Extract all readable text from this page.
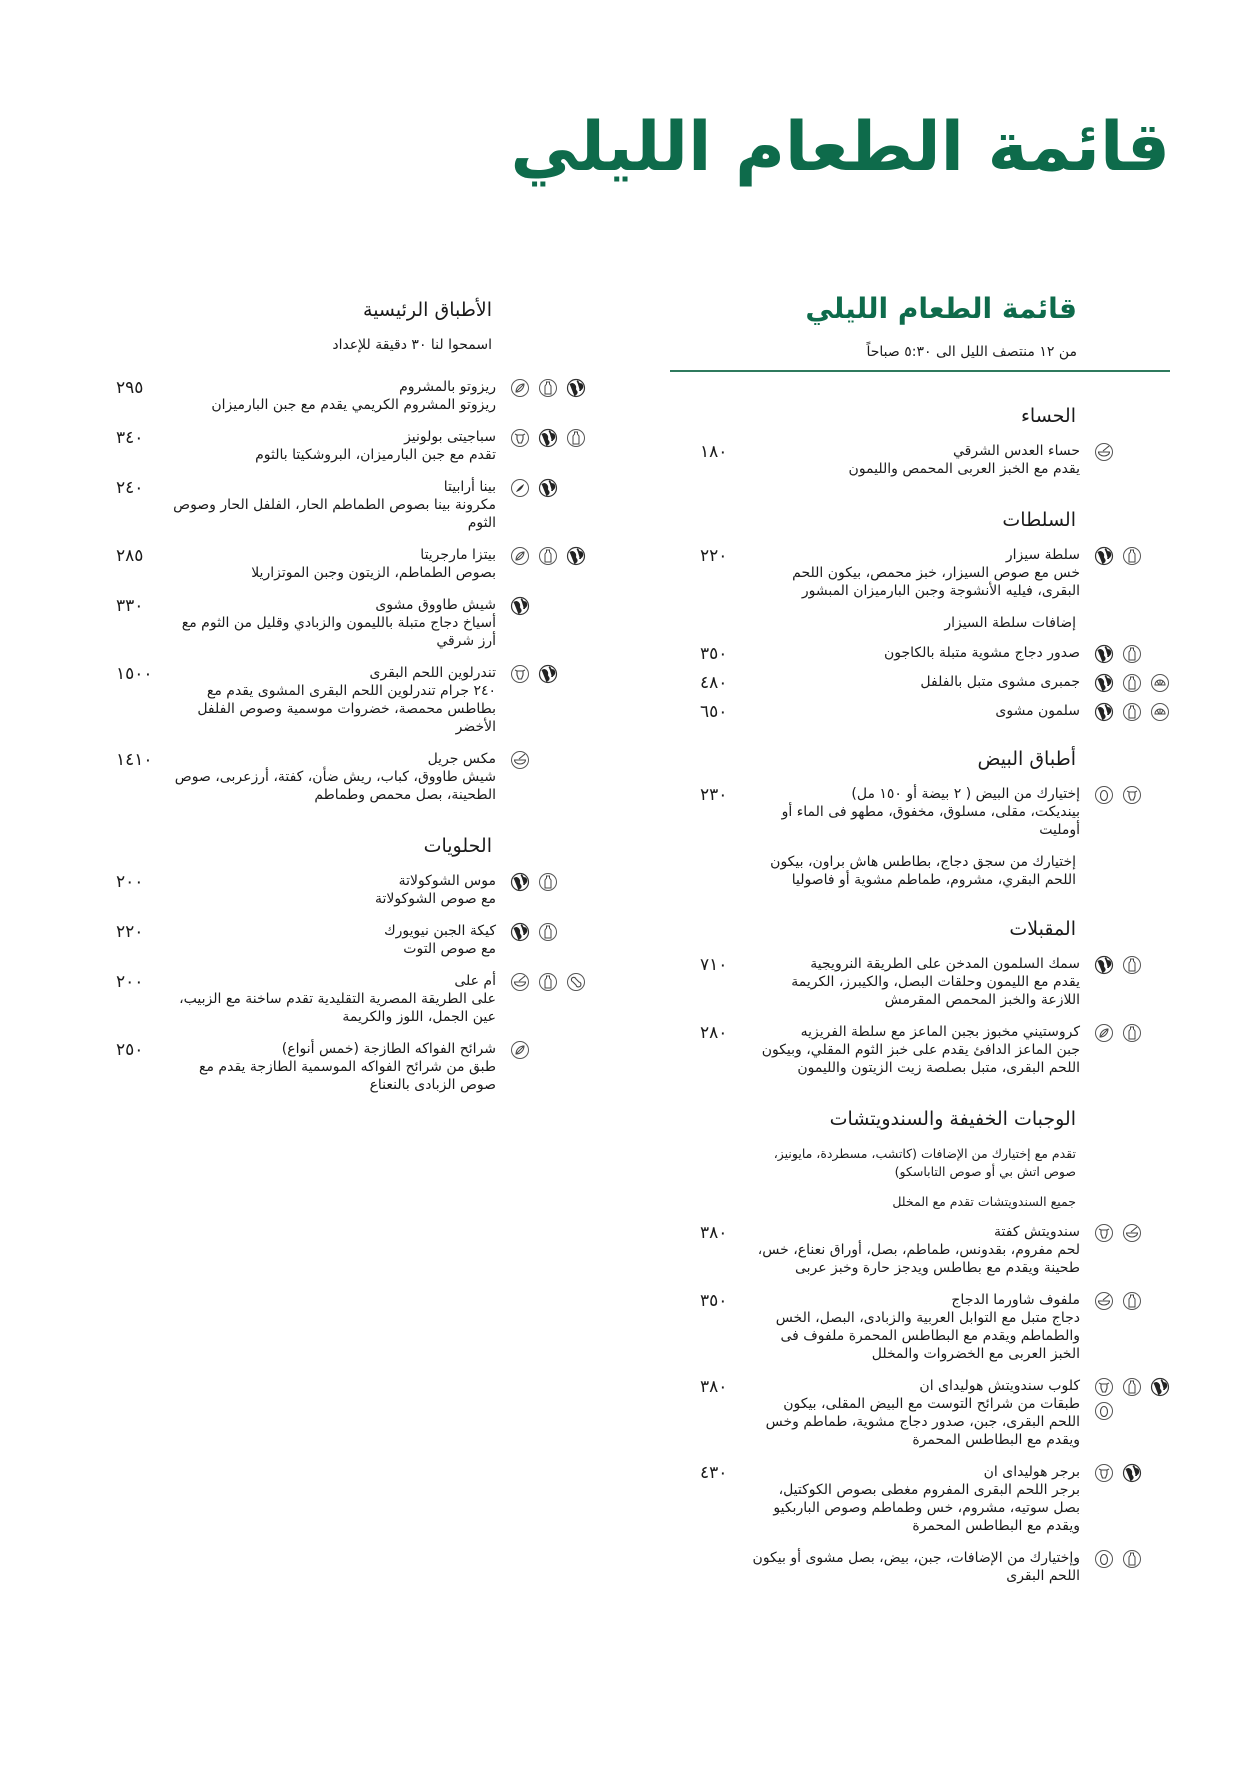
قائمة الطعام الليلي
قائمة الطعام الليلي
من ١٢ منتصف الليل الى ٥:٣٠ صباحاً
الحساء
١٨٠	حساء العدس الشرقي
يقدم مع الخبز العربى المحمص والليمون
السلطات
٢٢٠	سلطة سيزار
خس مع صوص السيزار، خبز محمص، بيكون اللحم البقرى، فيليه الأنشوجة وجبن البارميزان المبشور
إضافات سلطة السيزار
٣٥٠	صدور دجاج مشوية متبلة بالكاجون
٤٨٠	جمبرى مشوى متبل بالفلفل
٦٥٠	سلمون مشوى
أطباق البيض
٢٣٠	إختيارك من البيض ( ٢ بيضة أو ١٥٠ مل)
بينديكت، مقلى، مسلوق، مخفوق، مطهو فى الماء أو أومليت
إختيارك من سجق دجاج، بطاطس هاش براون، بيكون اللحم البقري، مشروم، طماطم مشوية أو فاصوليا
المقبلات
٧١٠	سمك السلمون المدخن على الطريقة النرويجية
يقدم مع الليمون وحلقات البصل، والكيبرز، الكريمة اللازعة والخبز المحمص المقرمش
٢٨٠	كروستيني مخبوز بجبن الماعز مع سلطة الفريزيه
جبن الماعز الدافئ يقدم على خبز الثوم المقلي، وبيكون اللحم البقرى، متبل بصلصة زيت الزيتون والليمون
الوجبات الخفيفة والسندويتشات
تقدم مع إختيارك من الإضافات (كاتشب، مسطردة، مايونيز، صوص اتش بي أو صوص التاباسكو)
جميع السندويتشات تقدم مع المخلل
٣٨٠	سندويتش كفتة
لحم مفروم، بقدونس، طماطم، بصل، أوراق نعناع، خس، طحينة ويقدم مع بطاطس ويدجز حارة وخبز عربى
٣٥٠	ملفوف شاورما الدجاج
دجاج متبل مع التوابل العربية والزبادى، البصل، الخس والطماطم ويقدم مع البطاطس المحمرة ملفوف فى الخبز العربى مع الخضروات والمخلل
٣٨٠	كلوب سندويتش هوليداى ان
طبقات من شرائح التوست مع البيض المقلى، بيكون اللحم البقرى، جبن، صدور دجاج مشوية، طماطم وخس ويقدم مع البطاطس المحمرة
٤٣٠	برجر هوليداى ان
برجر اللحم البقرى المفروم مغطى بصوص الكوكتيل، بصل سوتيه، مشروم، خس وطماطم وصوص الباربكيو ويقدم مع البطاطس المحمرة
وإختيارك من الإضافات، جبن، بيض، بصل مشوى أو بيكون اللحم البقرى
الأطباق الرئيسية
اسمحوا لنا ٣٠ دقيقة للإعداد
٢٩٥	ريزوتو بالمشروم
ريزوتو المشروم الكريمي يقدم مع جبن البارميزان
٣٤٠	سباجيتى بولونيز
تقدم مع جبن البارميزان، البروشكيتا بالثوم
٢٤٠	بينا أرابيتا
مكرونة بينا بصوص الطماطم الحار، الفلفل الحار وصوص الثوم
٢٨٥	بيتزا مارجريتا
بصوص الطماطم، الزيتون وجبن الموتزاريلا
٣٣٠	شيش طاووق مشوى
أسياخ دجاج متبلة بالليمون والزبادي وقليل من الثوم مع أرز شرقي
١٥٠٠	تندرلوين اللحم البقرى
٢٤٠ جرام تندرلوين اللحم البقرى المشوى يقدم مع بطاطس محمصة، خضروات موسمية وصوص الفلفل الأخضر
١٤١٠	مكس جريل
شيش طاووق، كباب، ريش ضأن، كفتة، أرزعربى، صوص الطحينة، بصل محمص وطماطم
الحلويات
٢٠٠	موس الشوكولاتة
مع صوص الشوكولاتة
٢٢٠	كيكة الجبن نيويورك
مع صوص التوت
٢٠٠	أم على
على الطريقة المصرية التقليدية تقدم ساخنة مع الزبيب، عين الجمل، اللوز والكريمة
٢٥٠	شرائح الفواكه الطازجة (خمس أنواع)
طبق من شرائح الفواكه الموسمية الطازجة يقدم مع صوص الزبادى بالنعناع
